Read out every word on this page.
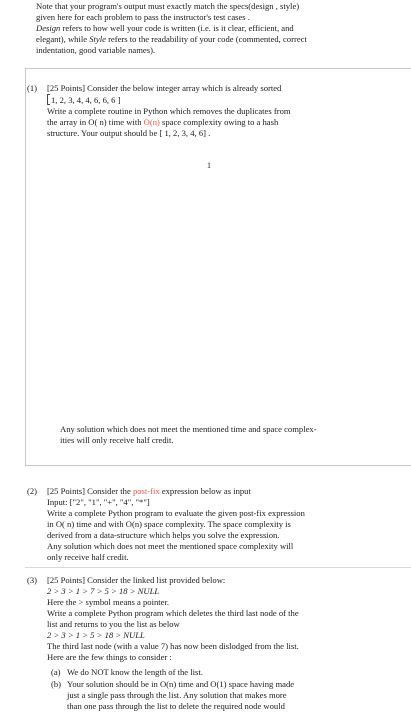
Note that your program's output must exactly match the specs(design , style)
given here for each problem to pass the instructor's test cases .
Design refers to how well your code is written (i.e. is it clear, efficient, and
elegant), while Style refers to the readability of your code (commented, correct
indentation, good variable names).
(1) [25 Points] Consider the below integer array which is already sorted
1, 2, 3, 4, 4, 6, 6, 6 ]
Write a complete routine in Python which removes the duplicates from
the array in O( n) time with O(n) space complexity owing to a hash
structure. Your output should be [ 1, 2, 3, 4, 6] .
1
Any solution which does not meet the mentioned time and space complex-
ities will only receive half credit.
(2) [25 Points] Consider the post-fix expression below as input
Input: ["2", "1", "+", "4", "*"]
Write a complete Python program to evaluate the given post-fix expression
in O( n) time and with O(n) space complexity. The space complexity is
derived from a data-structure which helps you solve the expression.
Any solution which does not meet the mentioned space complexity will
only receive half credit.
(3) [25 Points] Consider the linked list provided below:
2 > 3 > 1 > 7 > 5 > 18 > NULL
Here the > symbol means a pointer.
Write a complete Python program which deletes the third last node of the
list and returns to you the list as below
2 > 3 > 1 > 5 > 18 > NULL
The third last node (with a value 7) has now been dislodged from the list.
Here are the few things to consider :
(a) We do NOT know the length of the list.
(b) Your solution should be in O(n) time and O(1) space having made
just a single pass through the list. Any solution that makes more
than one pass through the list to delete the required node would
